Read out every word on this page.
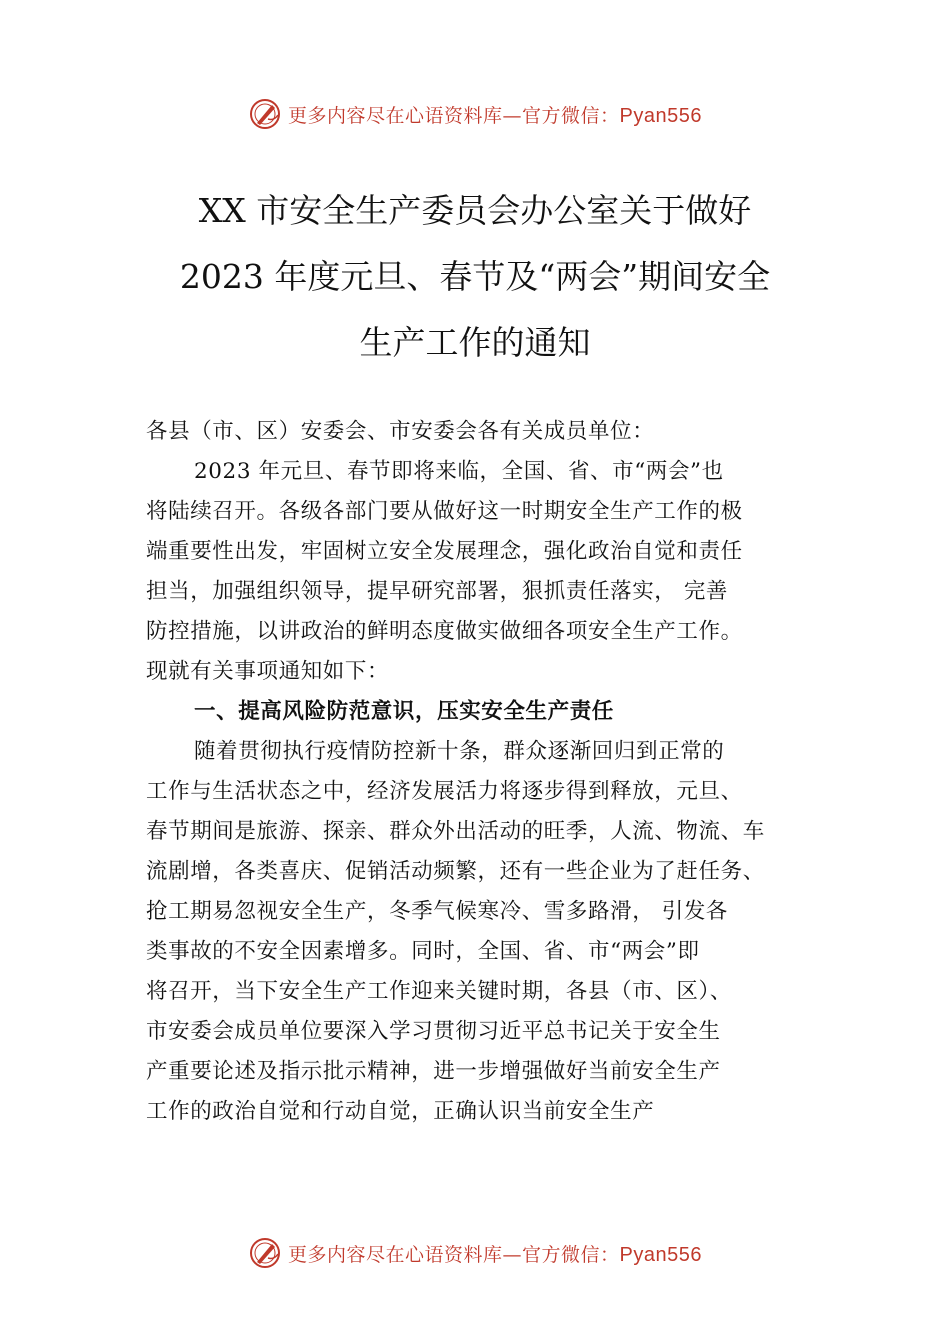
更多内容尽在心语资料库—官方微信：Pyan556
XX 市安全生产委员会办公室关于做好
2023 年度元旦、春节及“两会”期间安全
生产工作的通知
各县（市、区）安委会、市安委会各有关成员单位：
2023 年元旦、春节即将来临，全国、省、市“两会”也
将陆续召开。各级各部门要从做好这一时期安全生产工作的极
端重要性出发，牢固树立安全发展理念，强化政治自觉和责任
担当，加强组织领导，提早研究部署，狠抓责任落实， 完善
防控措施，以讲政治的鲜明态度做实做细各项安全生产工作。
现就有关事项通知如下：
一、提高风险防范意识，压实安全生产责任
随着贯彻执行疫情防控新十条，群众逐渐回归到正常的
工作与生活状态之中，经济发展活力将逐步得到释放，元旦、
春节期间是旅游、探亲、群众外出活动的旺季，人流、物流、车
流剧增，各类喜庆、促销活动频繁，还有一些企业为了赶任务、
抢工期易忽视安全生产，冬季气候寒冷、雪多路滑， 引发各
类事故的不安全因素增多。同时，全国、省、市“两会”即
将召开，当下安全生产工作迎来关键时期，各县（市、区）、
市安委会成员单位要深入学习贯彻习近平总书记关于安全生
产重要论述及指示批示精神，进一步增强做好当前安全生产
工作的政治自觉和行动自觉，正确认识当前安全生产
更多内容尽在心语资料库—官方微信：Pyan556
